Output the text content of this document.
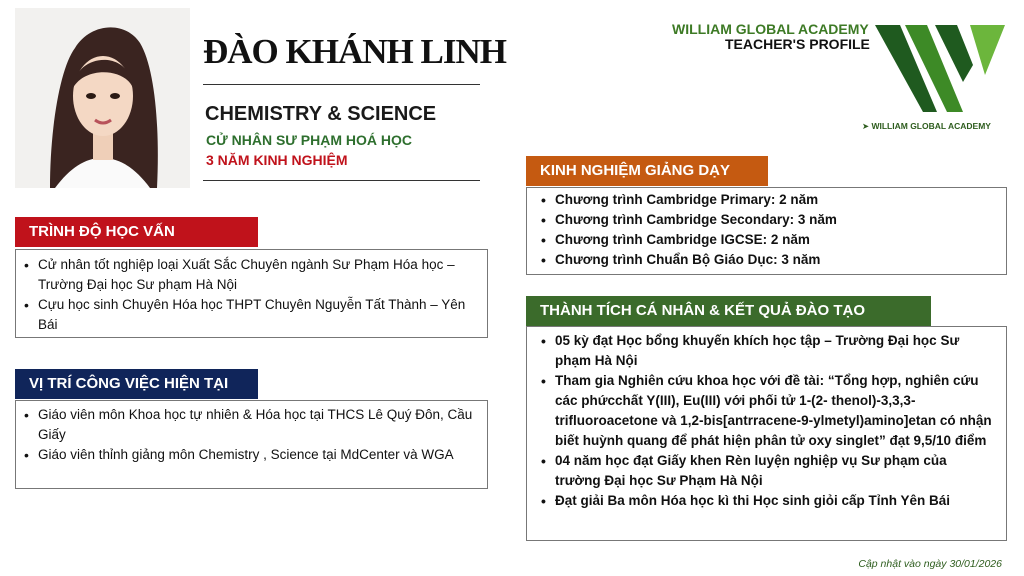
ĐÀO KHÁNH LINH
CHEMISTRY & SCIENCE
CỬ NHÂN SƯ PHẠM HOÁ HỌC
3 NĂM KINH NGHIỆM
WILLIAM GLOBAL ACADEMY
TEACHER'S PROFILE
➤ WILLIAM GLOBAL ACADEMY
TRÌNH ĐỘ HỌC VẤN
• Cử nhân tốt nghiệp loại Xuất Sắc Chuyên ngành Sư Phạm Hóa học – Trường Đại học Sư phạm Hà Nội
• Cựu học sinh Chuyên Hóa học THPT Chuyên Nguyễn Tất Thành – Yên Bái
VỊ TRÍ CÔNG VIỆC HIỆN TẠI
• Giáo viên môn Khoa học tự nhiên & Hóa học tại THCS Lê Quý Đôn, Cầu Giấy
• Giáo viên thỉnh giảng môn Chemistry , Science tại MdCenter và WGA
KINH NGHIỆM GIẢNG DẠY
• Chương trình Cambridge Primary: 2 năm
• Chương trình Cambridge Secondary: 3 năm
• Chương trình Cambridge IGCSE: 2 năm
• Chương trình Chuẩn Bộ Giáo Dục: 3 năm
THÀNH TÍCH CÁ NHÂN & KẾT QUẢ ĐÀO TẠO
• 05 kỳ đạt Học bổng khuyến khích học tập – Trường Đại học Sư phạm Hà Nội
• Tham gia Nghiên cứu khoa học với đề tài: “Tổng hợp, nghiên cứu các phứcchất Y(III), Eu(III) với phối tử 1-(2- thenol)-3,3,3-trifluoroacetone và 1,2-bis[antrracene-9-ylmetyl)amino]etan có nhận biết huỳnh quang để phát hiện phân tử oxy singlet” đạt 9,5/10 điểm
• 04 năm học đạt Giấy khen Rèn luyện nghiệp vụ Sư phạm của trường Đại học Sư Phạm Hà Nội
• Đạt giải Ba môn Hóa học kì thi Học sinh giỏi cấp Tỉnh Yên Bái
Cập nhật vào ngày 30/01/2026
